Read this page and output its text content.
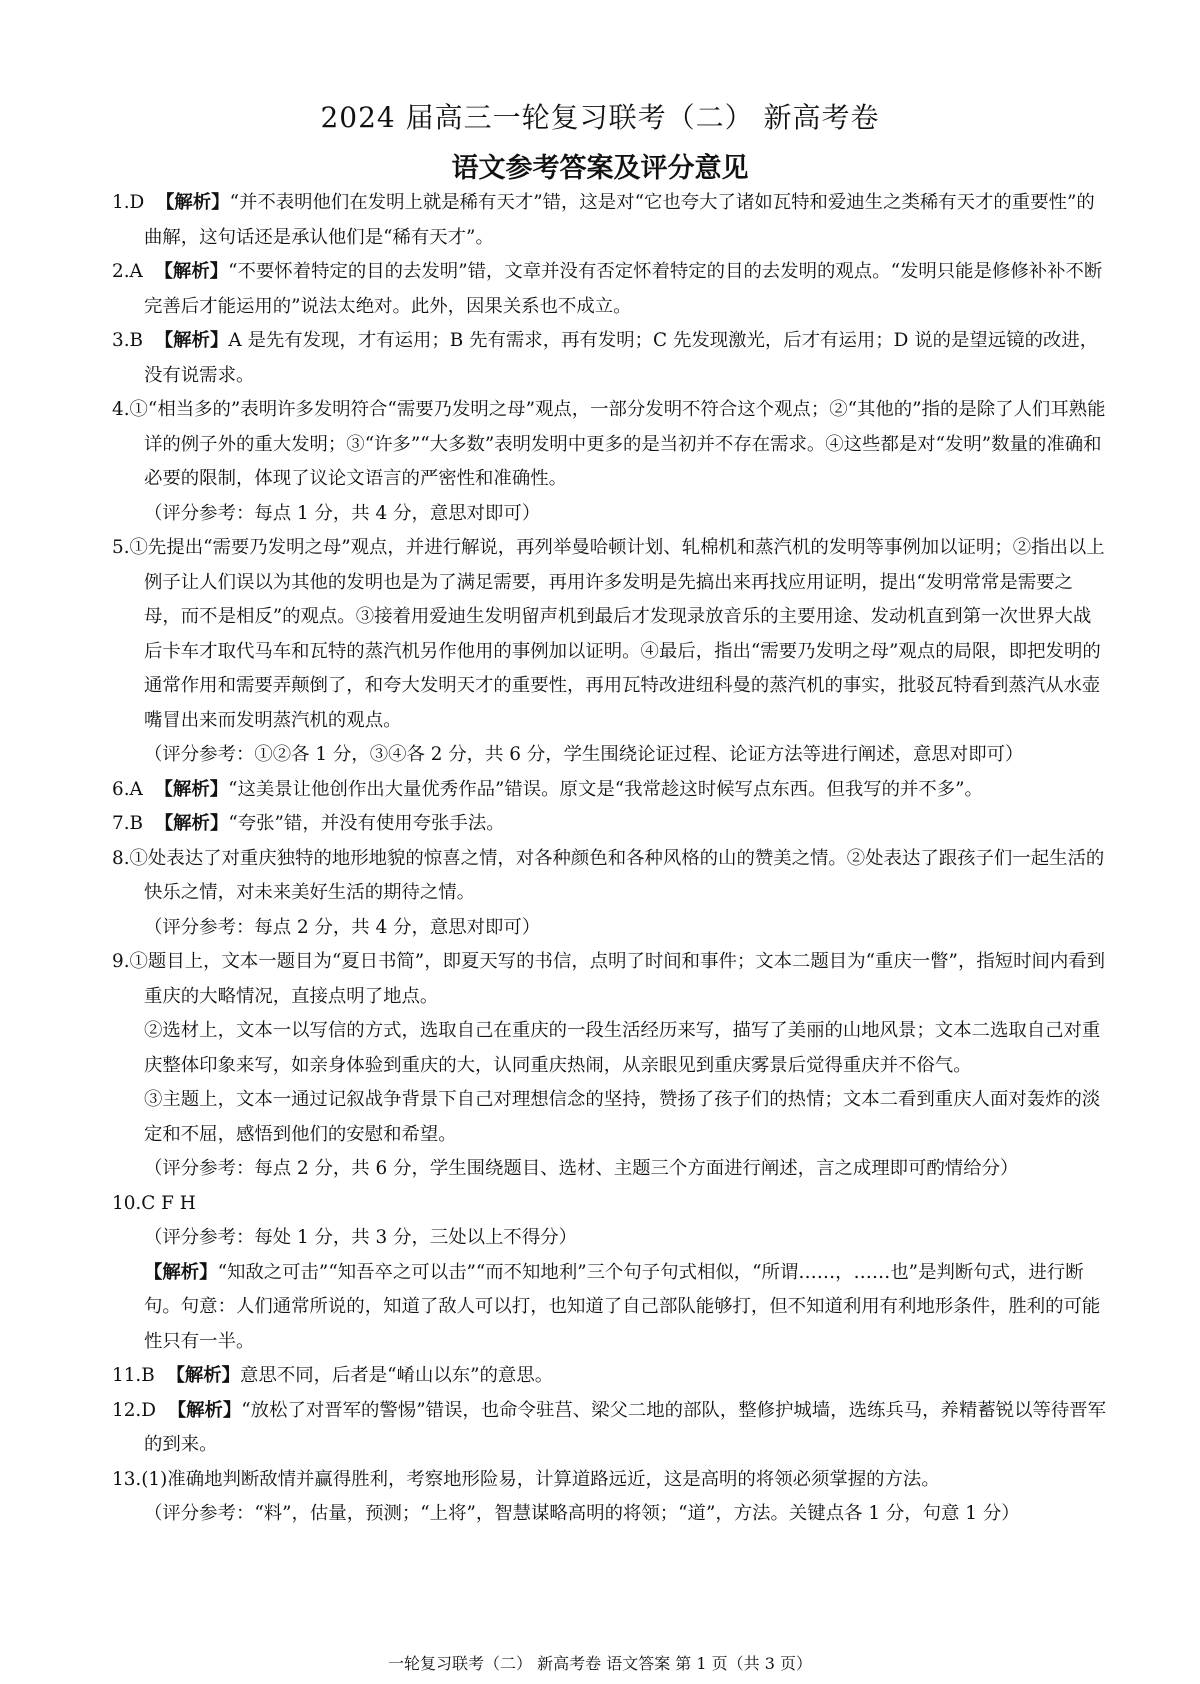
2024 届高三一轮复习联考（二） 新高考卷
语文参考答案及评分意见

1.D 【解析】“并不表明他们在发明上就是稀有天才”错，这是对“它也夸大了诸如瓦特和爱迪生之类稀有天才的重要性”的曲解，这句话还是承认他们是“稀有天才”。

2.A 【解析】“不要怀着特定的目的去发明”错，文章并没有否定怀着特定的目的去发明的观点。“发明只能是修修补补不断完善后才能运用的”说法太绝对。此外，因果关系也不成立。

3.B 【解析】A 是先有发现，才有运用；B 先有需求，再有发明；C 先发现激光，后才有运用；D 说的是望远镜的改进，没有说需求。

4.①“相当多的”表明许多发明符合“需要乃发明之母”观点，一部分发明不符合这个观点；②“其他的”指的是除了人们耳熟能详的例子外的重大发明；③“许多”“大多数”表明发明中更多的是当初并不存在需求。④这些都是对“发明”数量的准确和必要的限制，体现了议论文语言的严密性和准确性。

（评分参考：每点 1 分，共 4 分，意思对即可）

5.①先提出“需要乃发明之母”观点，并进行解说，再列举曼哈顿计划、轧棉机和蒸汽机的发明等事例加以证明；②指出以上例子让人们误以为其他的发明也是为了满足需要，再用许多发明是先搞出来再找应用证明，提出“发明常常是需要之母，而不是相反”的观点。③接着用爱迪生发明留声机到最后才发现录放音乐的主要用途、发动机直到第一次世界大战后卡车才取代马车和瓦特的蒸汽机另作他用的事例加以证明。④最后，指出“需要乃发明之母”观点的局限，即把发明的通常作用和需要弄颠倒了，和夸大发明天才的重要性，再用瓦特改进纽科曼的蒸汽机的事实，批驳瓦特看到蒸汽从水壶嘴冒出来而发明蒸汽机的观点。

（评分参考：①②各 1 分，③④各 2 分，共 6 分，学生围绕论证过程、论证方法等进行阐述，意思对即可）

6.A 【解析】“这美景让他创作出大量优秀作品”错误。原文是“我常趁这时候写点东西。但我写的并不多”。

7.B 【解析】“夸张”错，并没有使用夸张手法。

8.①处表达了对重庆独特的地形地貌的惊喜之情，对各种颜色和各种风格的山的赞美之情。②处表达了跟孩子们一起生活的快乐之情，对未来美好生活的期待之情。

（评分参考：每点 2 分，共 4 分，意思对即可）

9.①题目上，文本一题目为“夏日书简”，即夏天写的书信，点明了时间和事件；文本二题目为“重庆一瞥”，指短时间内看到重庆的大略情况，直接点明了地点。

②选材上，文本一以写信的方式，选取自己在重庆的一段生活经历来写，描写了美丽的山地风景；文本二选取自己对重庆整体印象来写，如亲身体验到重庆的大，认同重庆热闹，从亲眼见到重庆雾景后觉得重庆并不俗气。

③主题上，文本一通过记叙战争背景下自己对理想信念的坚持，赞扬了孩子们的热情；文本二看到重庆人面对轰炸的淡定和不屈，感悟到他们的安慰和希望。

（评分参考：每点 2 分，共 6 分，学生围绕题目、选材、主题三个方面进行阐述，言之成理即可酌情给分）

10.C F H

（评分参考：每处 1 分，共 3 分，三处以上不得分）

【解析】“知敌之可击”“知吾卒之可以击”“而不知地利”三个句子句式相似，“所谓……，……也”是判断句式，进行断句。句意：人们通常所说的，知道了敌人可以打，也知道了自己部队能够打，但不知道利用有利地形条件，胜利的可能性只有一半。

11.B 【解析】意思不同，后者是“崤山以东”的意思。

12.D 【解析】“放松了对晋军的警惕”错误，也命令驻莒、梁父二地的部队，整修护城墙，选练兵马，养精蓄锐以等待晋军的到来。

13.(1)准确地判断敌情并赢得胜利，考察地形险易，计算道路远近，这是高明的将领必须掌握的方法。

（评分参考：“料”，估量，预测；“上将”，智慧谋略高明的将领；“道”，方法。关键点各 1 分，句意 1 分）

一轮复习联考（二） 新高考卷 语文答案 第 1 页（共 3 页）
